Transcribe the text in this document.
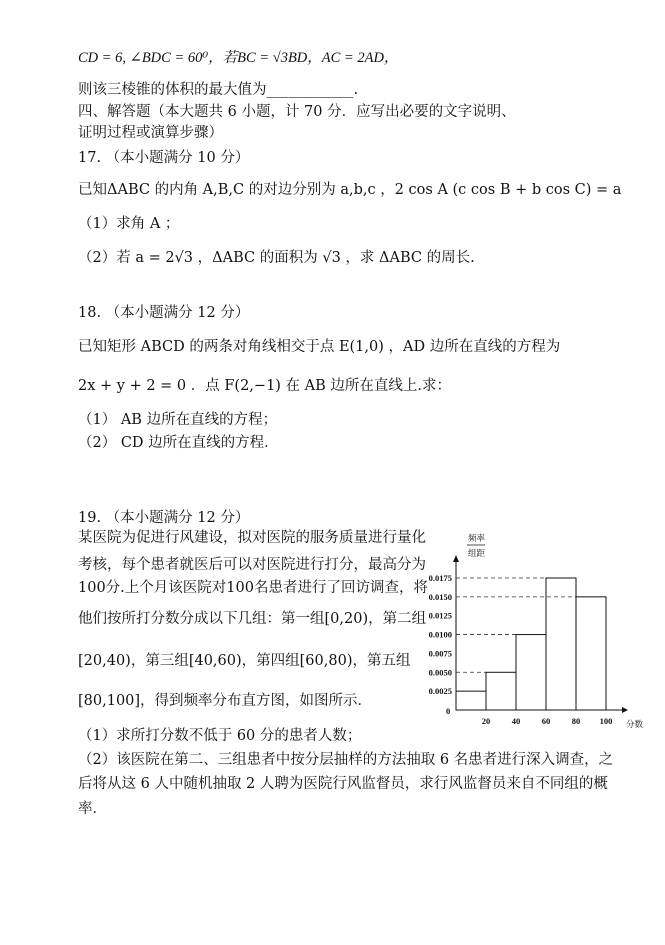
CD = 6, ∠BDC = 60⁰，若BC = √3BD，AC = 2AD，
则该三棱锥的体积的最大值为____________.
四、解答题（本大题共 6 小题，计 70 分．应写出必要的文字说明、
证明过程或演算步骤）
17. （本小题满分 10 分）
已知ΔABC 的内角 A,B,C 的对边分别为 a,b,c ，2 cos A (c cos B + b cos C) = a
（1）求角 A ；
（2）若 a = 2√3 ，ΔABC 的面积为 √3 ，求 ΔABC 的周长.
18. （本小题满分 12 分）
已知矩形 ABCD 的两条对角线相交于点 E(1,0) ，AD 边所在直线的方程为
2x + y + 2 = 0 ．点 F(2,−1) 在 AB 边所在直线上.求：
（1） AB 边所在直线的方程；
（2） CD 边所在直线的方程．
19. （本小题满分 12 分）
某医院为促进行风建设，拟对医院的服务质量进行量化
考核，每个患者就医后可以对医院进行打分，最高分为
100分.上个月该医院对100名患者进行了回访调查，将
他们按所打分数分成以下几组：第一组[0,20)，第二组
[20,40)，第三组[40,60)，第四组[60,80)，第五组
[80,100]，得到频率分布直方图，如图所示．
（1）求所打分数不低于 60 分的患者人数；
（2）该医院在第二、三组患者中按分层抽样的方法抽取 6 名患者进行深入调查，之
后将从这 6 人中随机抽取 2 人聘为医院行风监督员，求行风监督员来自不同组的概
率．
频率
组距
分数
0
0.0025
0.0050
0.0075
0.0100
0.0125
0.0150
0.0175
20	40	60	80 100
